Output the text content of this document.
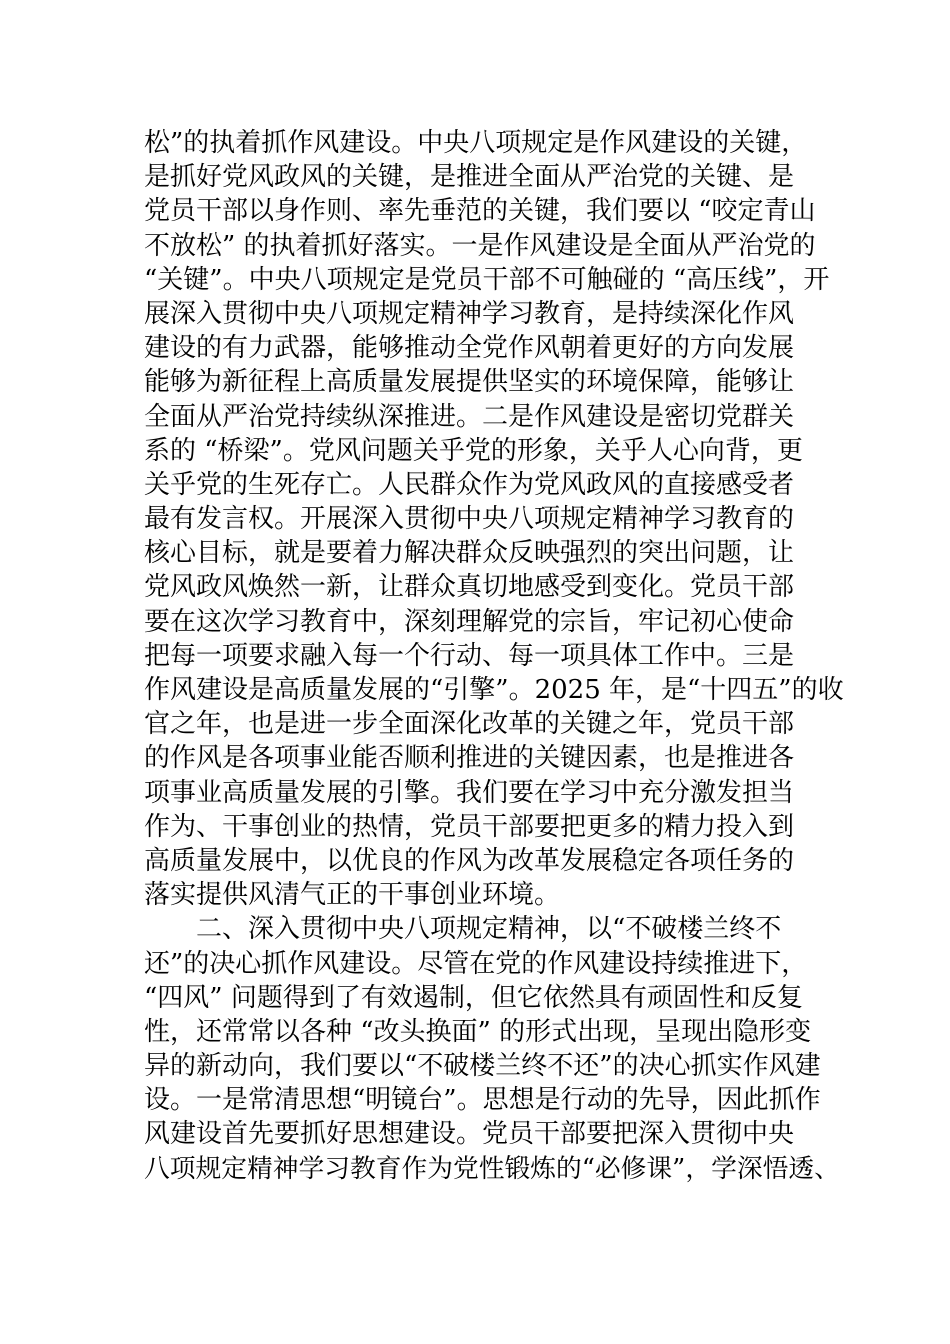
松”的执着抓作风建设。中央八项规定是作风建设的关键，
是抓好党风政风的关键，是推进全面从严治党的关键、是
党员干部以身作则、率先垂范的关键，我们要以 “咬定青山
不放松” 的执着抓好落实。一是作风建设是全面从严治党的
“关键”。中央八项规定是党员干部不可触碰的 “高压线”，开
展深入贯彻中央八项规定精神学习教育，是持续深化作风
建设的有力武器，能够推动全党作风朝着更好的方向发展
能够为新征程上高质量发展提供坚实的环境保障，能够让
全面从严治党持续纵深推进。二是作风建设是密切党群关
系的 “桥梁”。党风问题关乎党的形象，关乎人心向背，更
关乎党的生死存亡。人民群众作为党风政风的直接感受者
最有发言权。开展深入贯彻中央八项规定精神学习教育的
核心目标，就是要着力解决群众反映强烈的突出问题，让
党风政风焕然一新，让群众真切地感受到变化。党员干部
要在这次学习教育中，深刻理解党的宗旨，牢记初心使命
把每一项要求融入每一个行动、每一项具体工作中。三是
作风建设是高质量发展的“引擎”。2025 年，是“十四五”的收
官之年，也是进一步全面深化改革的关键之年，党员干部
的作风是各项事业能否顺利推进的关键因素，也是推进各
项事业高质量发展的引擎。我们要在学习中充分激发担当
作为、干事创业的热情，党员干部要把更多的精力投入到
高质量发展中，以优良的作风为改革发展稳定各项任务的
落实提供风清气正的干事创业环境。
二、深入贯彻中央八项规定精神，以“不破楼兰终不
还”的决心抓作风建设。尽管在党的作风建设持续推进下，
“四风” 问题得到了有效遏制，但它依然具有顽固性和反复
性，还常常以各种 “改头换面” 的形式出现，呈现出隐形变
异的新动向，我们要以“不破楼兰终不还”的决心抓实作风建
设。一是常清思想“明镜台”。思想是行动的先导，因此抓作
风建设首先要抓好思想建设。党员干部要把深入贯彻中央
八项规定精神学习教育作为党性锻炼的“必修课”，学深悟透、
